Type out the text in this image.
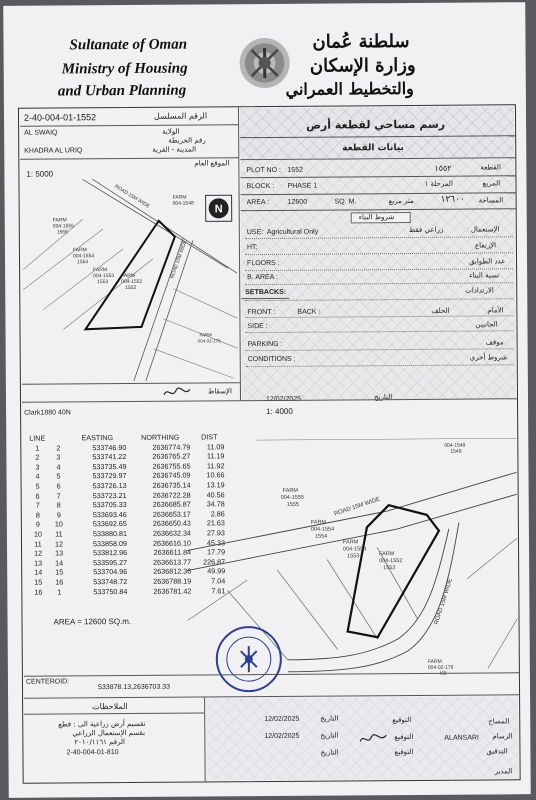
Sultanate of Oman
Ministry of Housing
and Urban Planning
سلطنة عُمان
وزارة الإسكان
والتخطيط العمراني
2-40-004-01-1552	الرقم المسلسل
AL SWAIQ	الولاية
رقم الخريطة
KHADRA AL URIQ	المدينة - القرية
الموقع العام
1: 5000
رسم مساحي لقطعة أرض
بيانات القطعة
PLOT NO : 1552	١٥٥٢	القطعة
BLOCK : PHASE 1	المرحلة ١	المربع
AREA :	12600	SQ. M.	متر مربع	١٢٦٠٠ المساحة
شروط البناء
USE: Agricultural Only	زراعي فقط	الإستعمال
HT:	الإرتفاع
FLOORS :	عدد الطوابق
B. AREA :	نسبة البناء
SETBACKS:	الارتدادات
FRONT :	BACK :	الخلف	الأمام
SIDE :	الجانبين
PARKING :	موقف
CONDITIONS :	شروط أخرى
FARM 004-1548
FARM 004-1555 1555
FARM 004-1554 1554
FARM 004-1553 1553
FARM 004-1552 1552
FARM 004-02-176
ROAD 15M WIDE
ROAD 15M WIDE
N
الإسقاط
12/02/2025	التاريخ
Clark1880 40N	1: 4000
LINE		EASTING	NORTHING	DIST
1	2	533746.90	2636774.79	11.09
2	3	533741.22	2636765.27	11.19
3	4	533735.49	2636755.65	11.92
4	5	533729.97	2636745.09	10.66
5	6	533726.13	2636735.14	13.19
6	7	533723.21	2636722.28	40.56
7	8	533705.33	2636685.87	34.78
8	9	533693.46	2636653.17	2.86
9	10	533692.65	2636650.43	21.63
10	11	533880.81	2636632.34	27.93
11	12	533858.09	2636616.10	45.33
12	13	533812.96	2636611.84	17.79
13	14	533595.27	2636613.77	226.87
14	15	533704.96	2636812.36	49.99
15	16	533748.72	2636788.19	7.04
16	1	533750.84	2636781.42	7.61
AREA = 12600 SQ.m.
ROAD 15M WIDE
ROAD 15M WIDE
004-1548 1548
FARM 004-1555 1555
FARM 004-1554 1554
FARM 004-1553 1553	FARM 004-1552 1552
FARM 004-02-176 KB
CENTEROID:
533878.13,2636703.33
الملاحظات
تقسيم أرض زراعية الى : قطع
بقسم الإستعمال الزراعي
الرقم ٢٠١٠/١١٦١
2-40-004-01-810
12/02/2025	التاريخ	التوقيع	المساح
12/02/2025	التاريخ	التوقيع	ALANSARI الرسام
التاريخ	التوقيع	التدقيق
المدير
